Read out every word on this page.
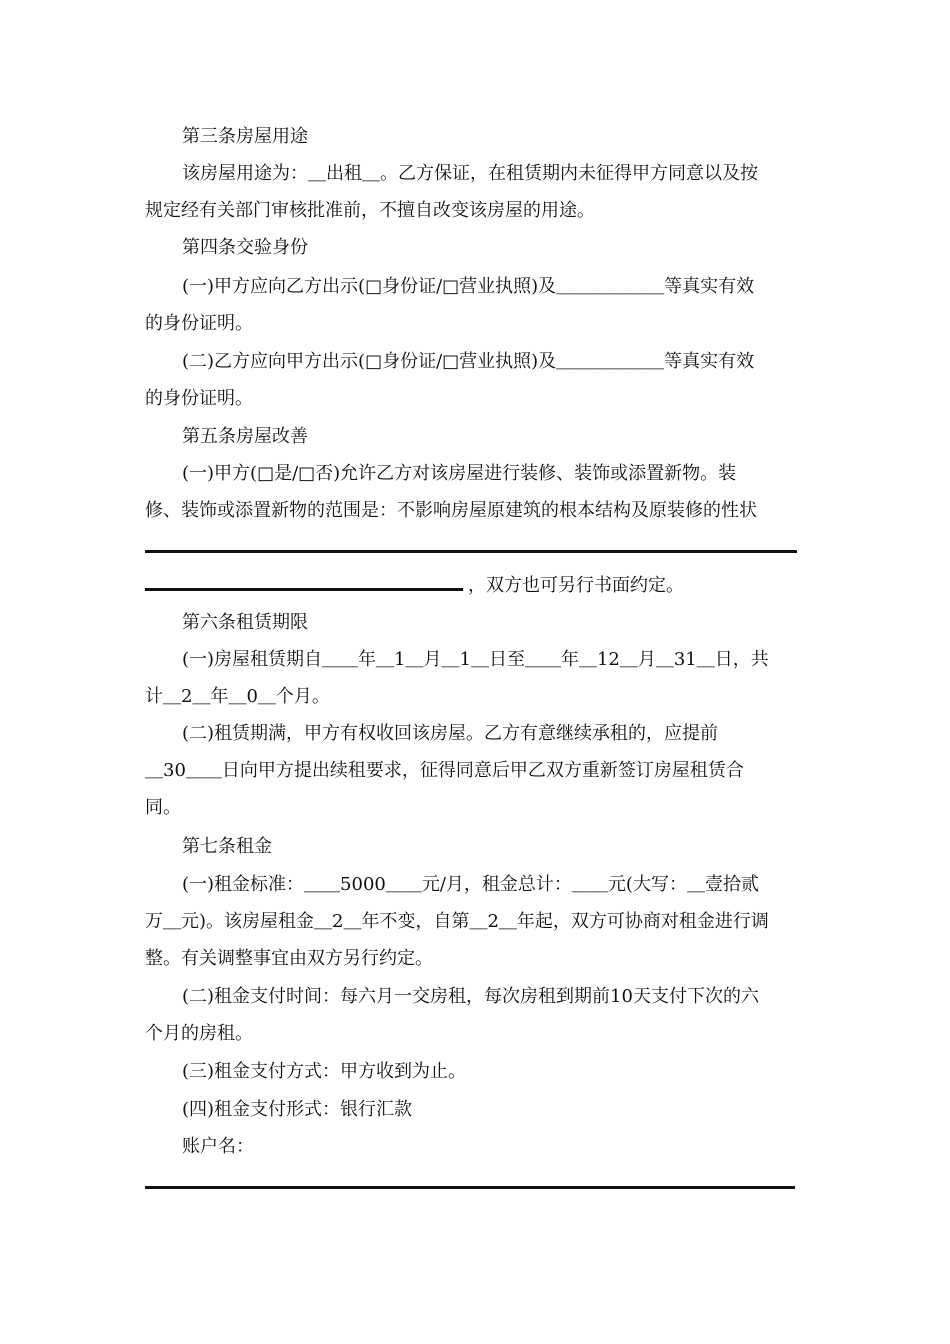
第三条房屋用途

该房屋用途为：＿出租＿。乙方保证，在租赁期内未征得甲方同意以及按

规定经有关部门审核批准前，不擅自改变该房屋的用途。

第四条交验身份

(一)甲方应向乙方出示(□身份证/□营业执照)及＿＿＿＿＿＿等真实有效

的身份证明。

(二)乙方应向甲方出示(□身份证/□营业执照)及＿＿＿＿＿＿等真实有效

的身份证明。

第五条房屋改善

(一)甲方(□是/□否)允许乙方对该房屋进行装修、装饰或添置新物。装

修、装饰或添置新物的范围是：不影响房屋原建筑的根本结构及原装修的性状

，双方也可另行书面约定。

第六条租赁期限

(一)房屋租赁期自＿＿年＿1＿月＿1＿日至＿＿年＿12＿月＿31＿日，共

计＿2＿年＿0＿个月。

(二)租赁期满，甲方有权收回该房屋。乙方有意继续承租的，应提前

＿30＿＿日向甲方提出续租要求，征得同意后甲乙双方重新签订房屋租赁合

同。

第七条租金

(一)租金标准：＿＿5000＿＿元/月，租金总计：＿＿元(大写：＿壹拾贰

万＿元)。该房屋租金＿2＿年不变，自第＿2＿年起，双方可协商对租金进行调

整。有关调整事宜由双方另行约定。

(二)租金支付时间：每六月一交房租，每次房租到期前10天支付下次的六

个月的房租。

(三)租金支付方式：甲方收到为止。

(四)租金支付形式：银行汇款

账户名：
